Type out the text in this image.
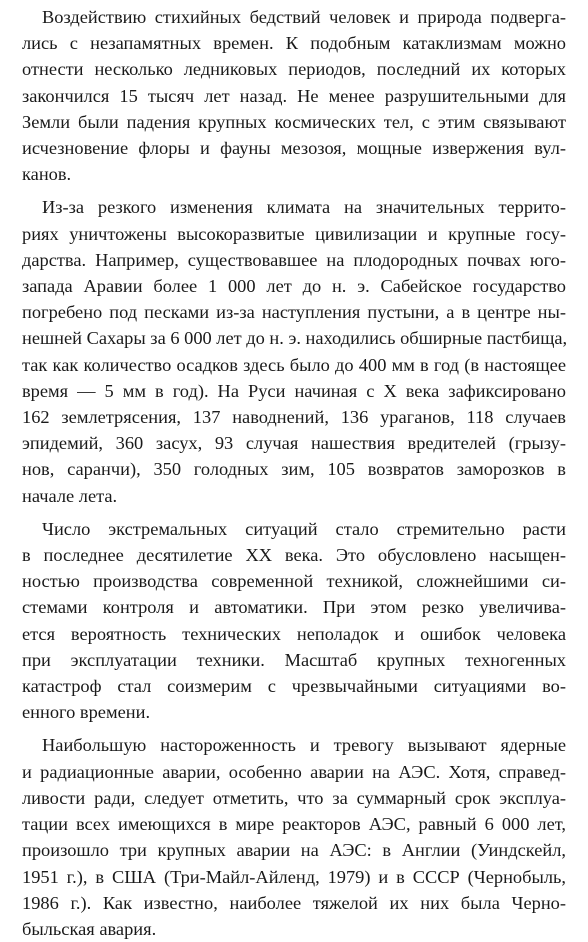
Воздействию стихийных бедствий человек и природа подверга-
лись с незапамятных времен. К подобным катаклизмам можно
отнести несколько ледниковых периодов, последний их которых
закончился 15 тысяч лет назад. Не менее разрушительными для
Земли были падения крупных космических тел, с этим связывают
исчезновение флоры и фауны мезозоя, мощные извержения вул-
канов.
Из-за резкого изменения климата на значительных террито-
риях уничтожены высокоразвитые цивилизации и крупные госу-
дарства. Например, существовавшее на плодородных почвах юго-
запада Аравии более 1 000 лет до н. э. Сабейское государство
погребено под песками из-за наступления пустыни, а в центре ны-
нешней Сахары за 6 000 лет до н. э. находились обширные пастбища,
так как количество осадков здесь было до 400 мм в год (в настоящее
время — 5 мм в год). На Руси начиная с X века зафиксировано
162 землетрясения, 137 наводнений, 136 ураганов, 118 случаев
эпидемий, 360 засух, 93 случая нашествия вредителей (грызу-
нов, саранчи), 350 голодных зим, 105 возвратов заморозков в
начале лета.
Число экстремальных ситуаций стало стремительно расти
в последнее десятилетие XX века. Это обусловлено насыщен-
ностью производства современной техникой, сложнейшими си-
стемами контроля и автоматики. При этом резко увеличива-
ется вероятность технических неполадок и ошибок человека
при эксплуатации техники. Масштаб крупных техногенных
катастроф стал соизмерим с чрезвычайными ситуациями во-
енного времени.
Наибольшую настороженность и тревогу вызывают ядерные
и радиационные аварии, особенно аварии на АЭС. Хотя, справед-
ливости ради, следует отметить, что за суммарный срок эксплуа-
тации всех имеющихся в мире реакторов АЭС, равный 6 000 лет,
произошло три крупных аварии на АЭС: в Англии (Уиндскейл,
1951 г.), в США (Три-Майл-Айленд, 1979) и в СССР (Чернобыль,
1986 г.). Как известно, наиболее тяжелой их них была Черно-
быльская авария.
